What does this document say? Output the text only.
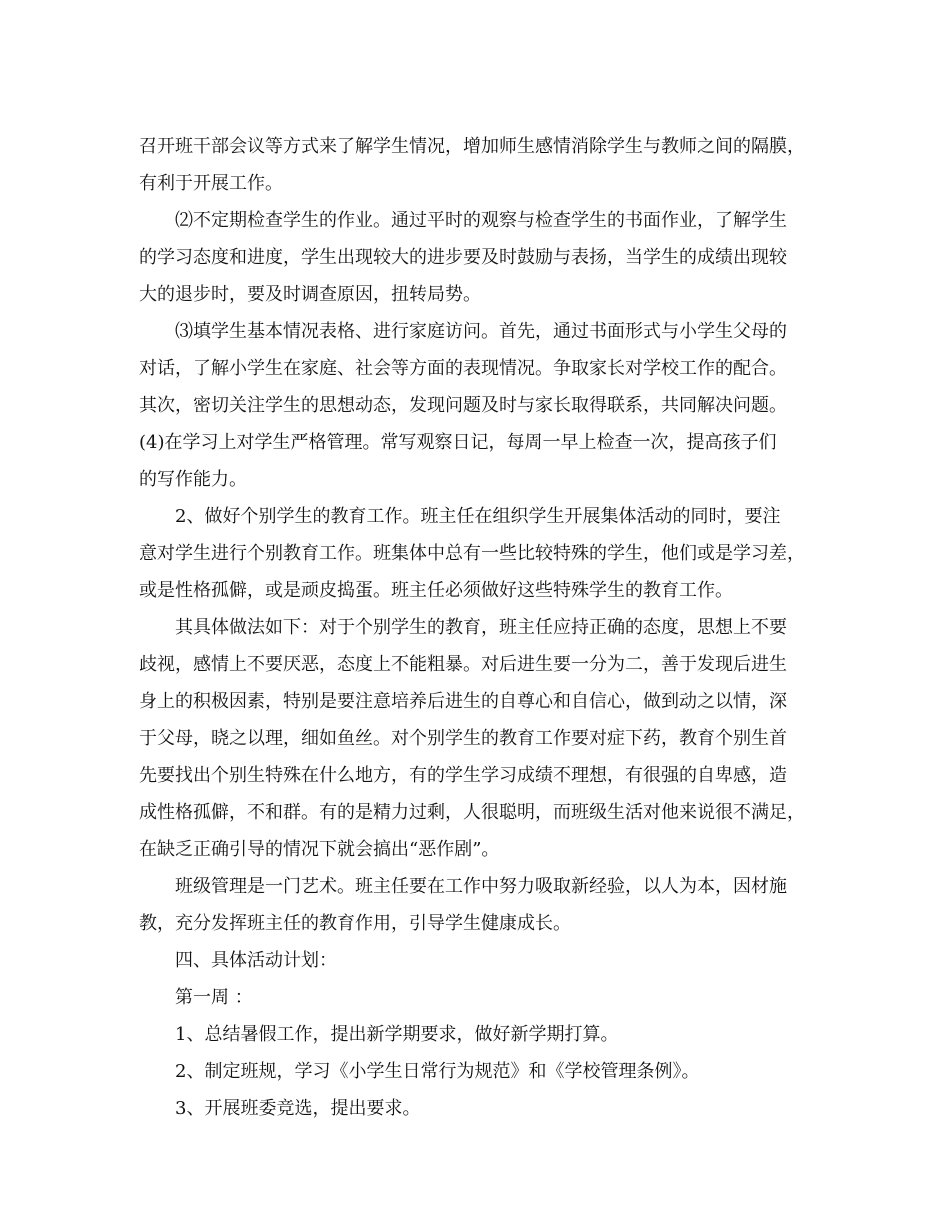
召开班干部会议等方式来了解学生情况，增加师生感情消除学生与教师之间的隔膜，
有利于开展工作。
⑵不定期检查学生的作业。通过平时的观察与检查学生的书面作业，了解学生
的学习态度和进度，学生出现较大的进步要及时鼓励与表扬，当学生的成绩出现较
大的退步时，要及时调查原因，扭转局势。
⑶填学生基本情况表格、进行家庭访问。首先，通过书面形式与小学生父母的
对话，了解小学生在家庭、社会等方面的表现情况。争取家长对学校工作的配合。
其次，密切关注学生的思想动态，发现问题及时与家长取得联系，共同解决问题。
(4)在学习上对学生严格管理。常写观察日记，每周一早上检查一次，提高孩子们
的写作能力。
2、做好个别学生的教育工作。班主任在组织学生开展集体活动的同时，要注
意对学生进行个别教育工作。班集体中总有一些比较特殊的学生，他们或是学习差，
或是性格孤僻，或是顽皮捣蛋。班主任必须做好这些特殊学生的教育工作。
其具体做法如下：对于个别学生的教育，班主任应持正确的态度，思想上不要
歧视，感情上不要厌恶，态度上不能粗暴。对后进生要一分为二，善于发现后进生
身上的积极因素，特别是要注意培养后进生的自尊心和自信心，做到动之以情，深
于父母，晓之以理，细如鱼丝。对个别学生的教育工作要对症下药，教育个别生首
先要找出个别生特殊在什么地方，有的学生学习成绩不理想，有很强的自卑感，造
成性格孤僻，不和群。有的是精力过剩，人很聪明，而班级生活对他来说很不满足，
在缺乏正确引导的情况下就会搞出“恶作剧”。
班级管理是一门艺术。班主任要在工作中努力吸取新经验，以人为本，因材施
教，充分发挥班主任的教育作用，引导学生健康成长。
四、具体活动计划：
第一周 ：
1、总结暑假工作，提出新学期要求，做好新学期打算。
2、制定班规，学习《小学生日常行为规范》和《学校管理条例》。
3、开展班委竞选，提出要求。
